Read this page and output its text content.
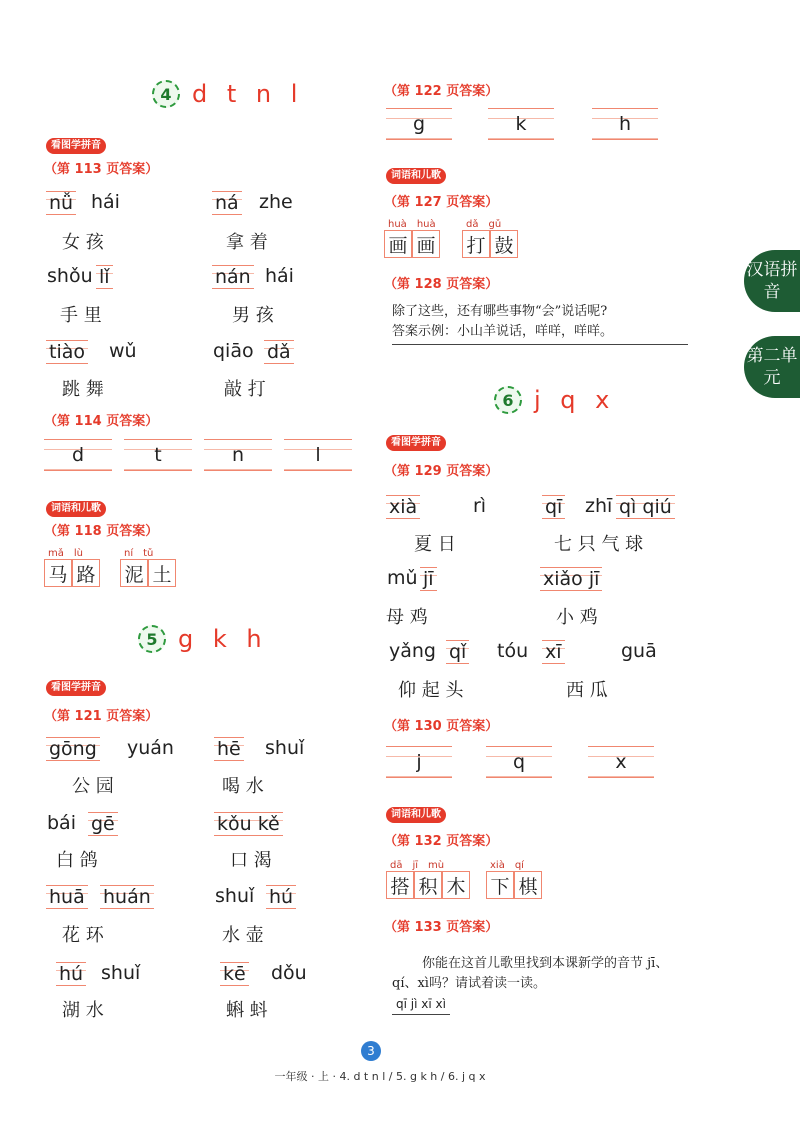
4 d t n l
看图学拼音
（第 113 页答案）
nǚ hái
女 孩
ná zhe
拿 着
shǒu lǐ
手 里
nán hái
男 孩
tiào wǔ
跳 舞
qiāo dǎ
敲 打
（第 114 页答案）
d	t	n	l
词语和儿歌
（第 118 页答案）
mǎ lù
马 路
ní tǔ
泥 土
5 g k h
看图学拼音
（第 121 页答案）
gōng yuán
公 园
hē shuǐ
喝 水
bái gē
白 鸽
kǒu kě
口 渴
huā huán
花 环
shuǐ hú
水 壶
hú shuǐ
湖 水
kē dǒu
蝌 蚪
（第 122 页答案）
g	k	h
词语和儿歌
（第 127 页答案）
huà huà
画 画
dǎ gǔ
打 鼓
（第 128 页答案）
除了这些，还有哪些事物“会”说话呢?
答案示例：小山羊说话，咩咩，咩咩。
6 j q x
看图学拼音
（第 129 页答案）
xià	rì
夏 日
qī zhī qì qiú
七 只 气 球
mǔ jī
母 鸡
xiǎo jī
小 鸡
yǎng qǐ tóu
仰 起 头
xī	guā
西 瓜
（第 130 页答案）
j	q	x
词语和儿歌
（第 132 页答案）
dā jī mù
搭 积 木
xià qí
下 棋
（第 133 页答案）
你能在这首儿歌里找到本课新学的音节 jī、
qí、xì吗？请试着读一读。
qī jì xī xì
汉语拼音
第二单元
3
一年级 · 上 · 4. d t n l / 5. g k h / 6. j q x
